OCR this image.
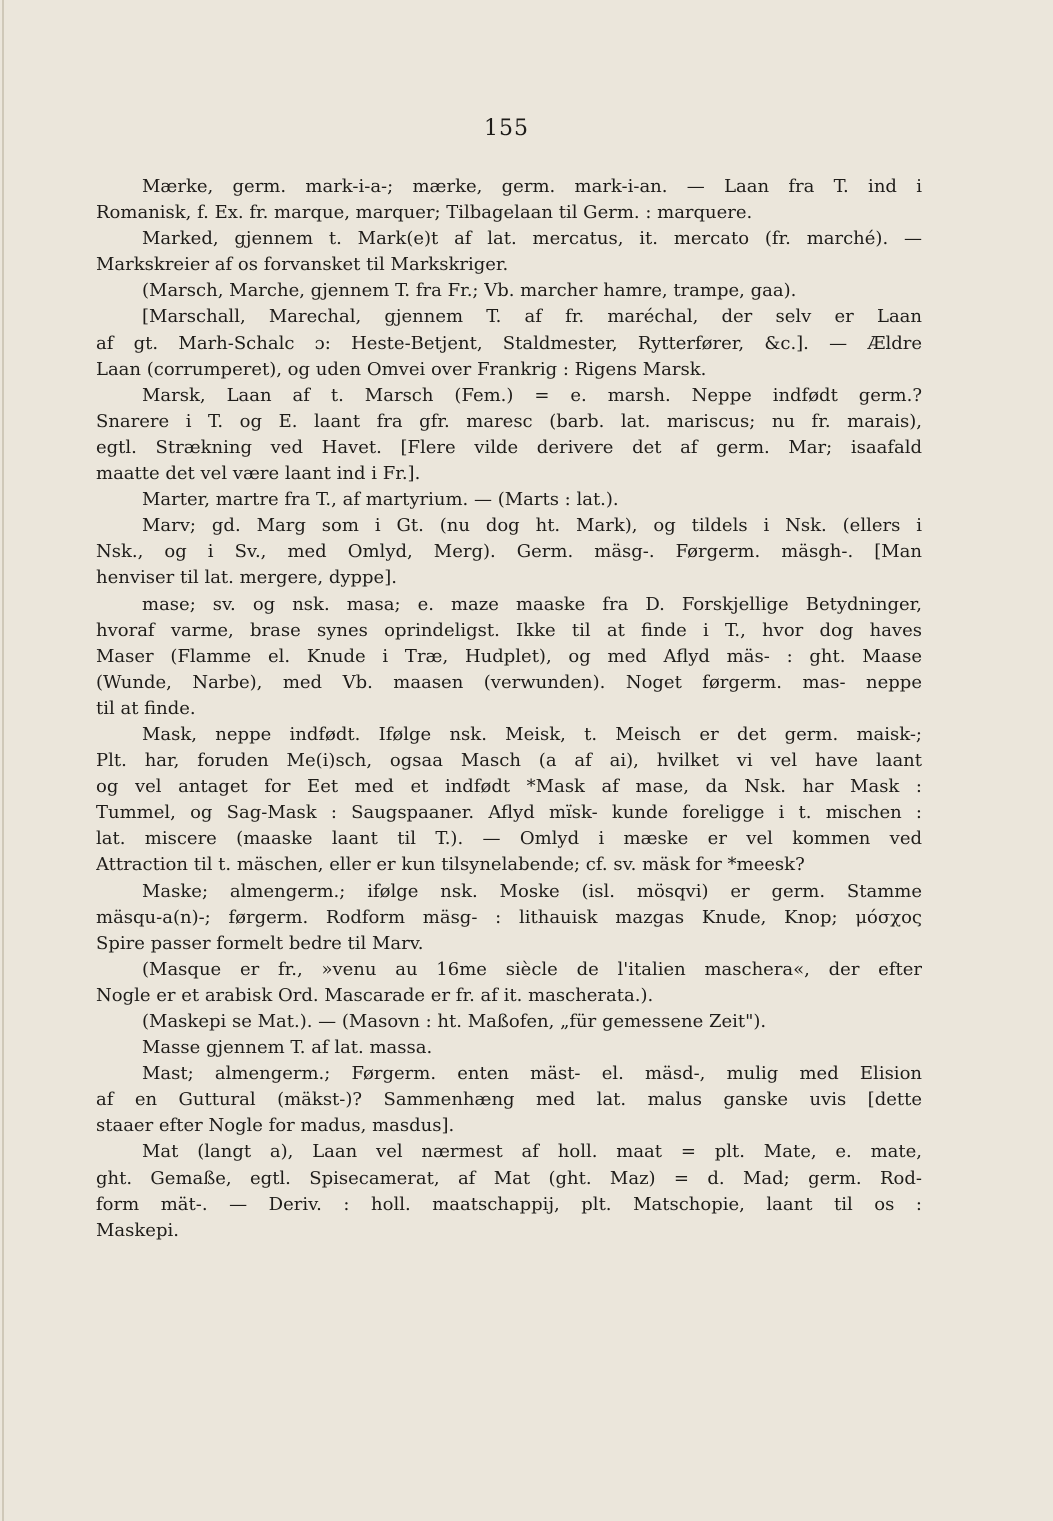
155
Mærke, germ. mark-i-a-; mærke, germ. mark-i-an. — Laan fra T. ind i
Romanisk, f. Ex. fr. marque, marquer; Tilbagelaan til Germ. : marquere.
Marked, gjennem t. Mark(e)t af lat. mercatus, it. mercato (fr. marché). —
Markskreier af os forvansket til Markskriger.
(Marsch, Marche, gjennem T. fra Fr.; Vb. marcher hamre, trampe, gaa).
[Marschall, Marechal, gjennem T. af fr. maréchal, der selv er Laan
af gt. Marh-Schalc ɔ: Heste-Betjent, Staldmester, Rytterfører, &c.]. — Ældre
Laan (corrumperet), og uden Omvei over Frankrig : Rigens Marsk.
Marsk, Laan af t. Marsch (Fem.) = e. marsh. Neppe indfødt germ.?
Snarere i T. og E. laant fra gfr. maresc (barb. lat. mariscus; nu fr. marais),
egtl. Strækning ved Havet. [Flere vilde derivere det af germ. Mar; isaafald
maatte det vel være laant ind i Fr.].
Marter, martre fra T., af martyrium. — (Marts : lat.).
Marv; gd. Marg som i Gt. (nu dog ht. Mark), og tildels i Nsk. (ellers i
Nsk., og i Sv., med Omlyd, Merg). Germ. mäsg-. Førgerm. mäsgh-. [Man
henviser til lat. mergere, dyppe].
mase; sv. og nsk. masa; e. maze maaske fra D. Forskjellige Betydninger,
hvoraf varme, brase synes oprindeligst. Ikke til at finde i T., hvor dog haves
Maser (Flamme el. Knude i Træ, Hudplet), og med Aflyd mäs- : ght. Maase
(Wunde, Narbe), med Vb. maasen (verwunden). Noget førgerm. mas- neppe
til at finde.
Mask, neppe indfødt. Ifølge nsk. Meisk, t. Meisch er det germ. maisk-;
Plt. har, foruden Me(i)sch, ogsaa Masch (a af ai), hvilket vi vel have laant
og vel antaget for Eet med et indfødt *Mask af mase, da Nsk. har Mask :
Tummel, og Sag-Mask : Saugspaaner. Aflyd mïsk- kunde foreligge i t. mischen :
lat. miscere (maaske laant til T.). — Omlyd i mæske er vel kommen ved
Attraction til t. mäschen, eller er kun tilsynelabende; cf. sv. mäsk for *meesk?
Maske; almengerm.; ifølge nsk. Moske (isl. mösqvi) er germ. Stamme
mäsqu-a(n)-; førgerm. Rodform mäsg- : lithauisk mazgas Knude, Knop; μόσχος
Spire passer formelt bedre til Marv.
(Masque er fr., »venu au 16me siècle de l'italien maschera«, der efter
Nogle er et arabisk Ord. Mascarade er fr. af it. mascherata.).
(Maskepi se Mat.). — (Masovn : ht. Maßofen, „für gemessene Zeit").
Masse gjennem T. af lat. massa.
Mast; almengerm.; Førgerm. enten mäst- el. mäsd-, mulig med Elision
af en Guttural (mäkst-)? Sammenhæng med lat. malus ganske uvis [dette
staaer efter Nogle for madus, masdus].
Mat (langt a), Laan vel nærmest af holl. maat = plt. Mate, e. mate,
ght. Gemaße, egtl. Spisecamerat, af Mat (ght. Maz) = d. Mad; germ. Rod-
form mät-. — Deriv. : holl. maatschappij, plt. Matschopie, laant til os :
Maskepi.
